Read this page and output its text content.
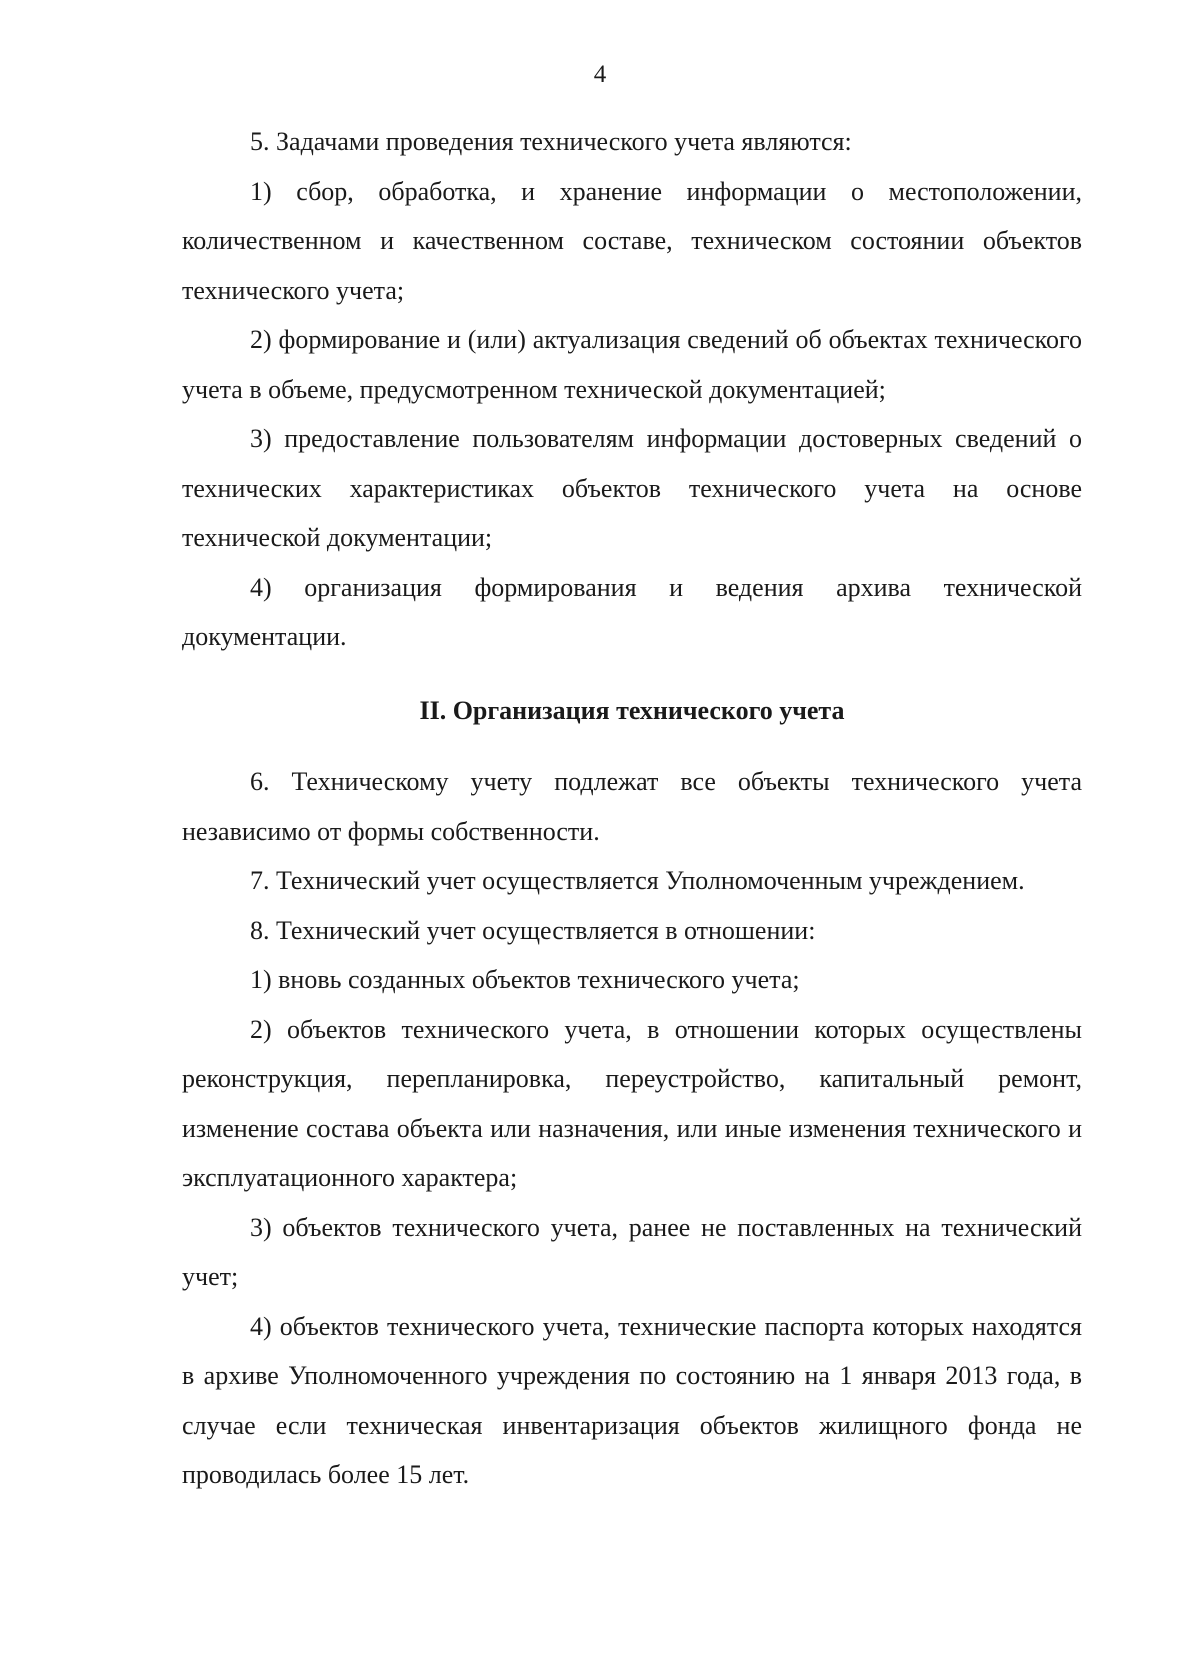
4

5. Задачами проведения технического учета являются:

1) сбор, обработка, и хранение информации о местоположении, количественном и качественном составе, техническом состоянии объектов технического учета;

2) формирование и (или) актуализация сведений об объектах технического учета в объеме, предусмотренном технической документацией;

3) предоставление пользователям информации достоверных сведений о технических характеристиках объектов технического учета на основе технической документации;

4) организация формирования и ведения архива технической документации.

II. Организация технического учета

6. Техническому учету подлежат все объекты технического учета независимо от формы собственности.

7. Технический учет осуществляется Уполномоченным учреждением.

8. Технический учет осуществляется в отношении:

1) вновь созданных объектов технического учета;

2) объектов технического учета, в отношении которых осуществлены реконструкция, перепланировка, переустройство, капитальный ремонт, изменение состава объекта или назначения, или иные изменения технического и эксплуатационного характера;

3) объектов технического учета, ранее не поставленных на технический учет;

4) объектов технического учета, технические паспорта которых находятся в архиве Уполномоченного учреждения по состоянию на 1 января 2013 года, в случае если техническая инвентаризация объектов жилищного фонда не проводилась более 15 лет.
